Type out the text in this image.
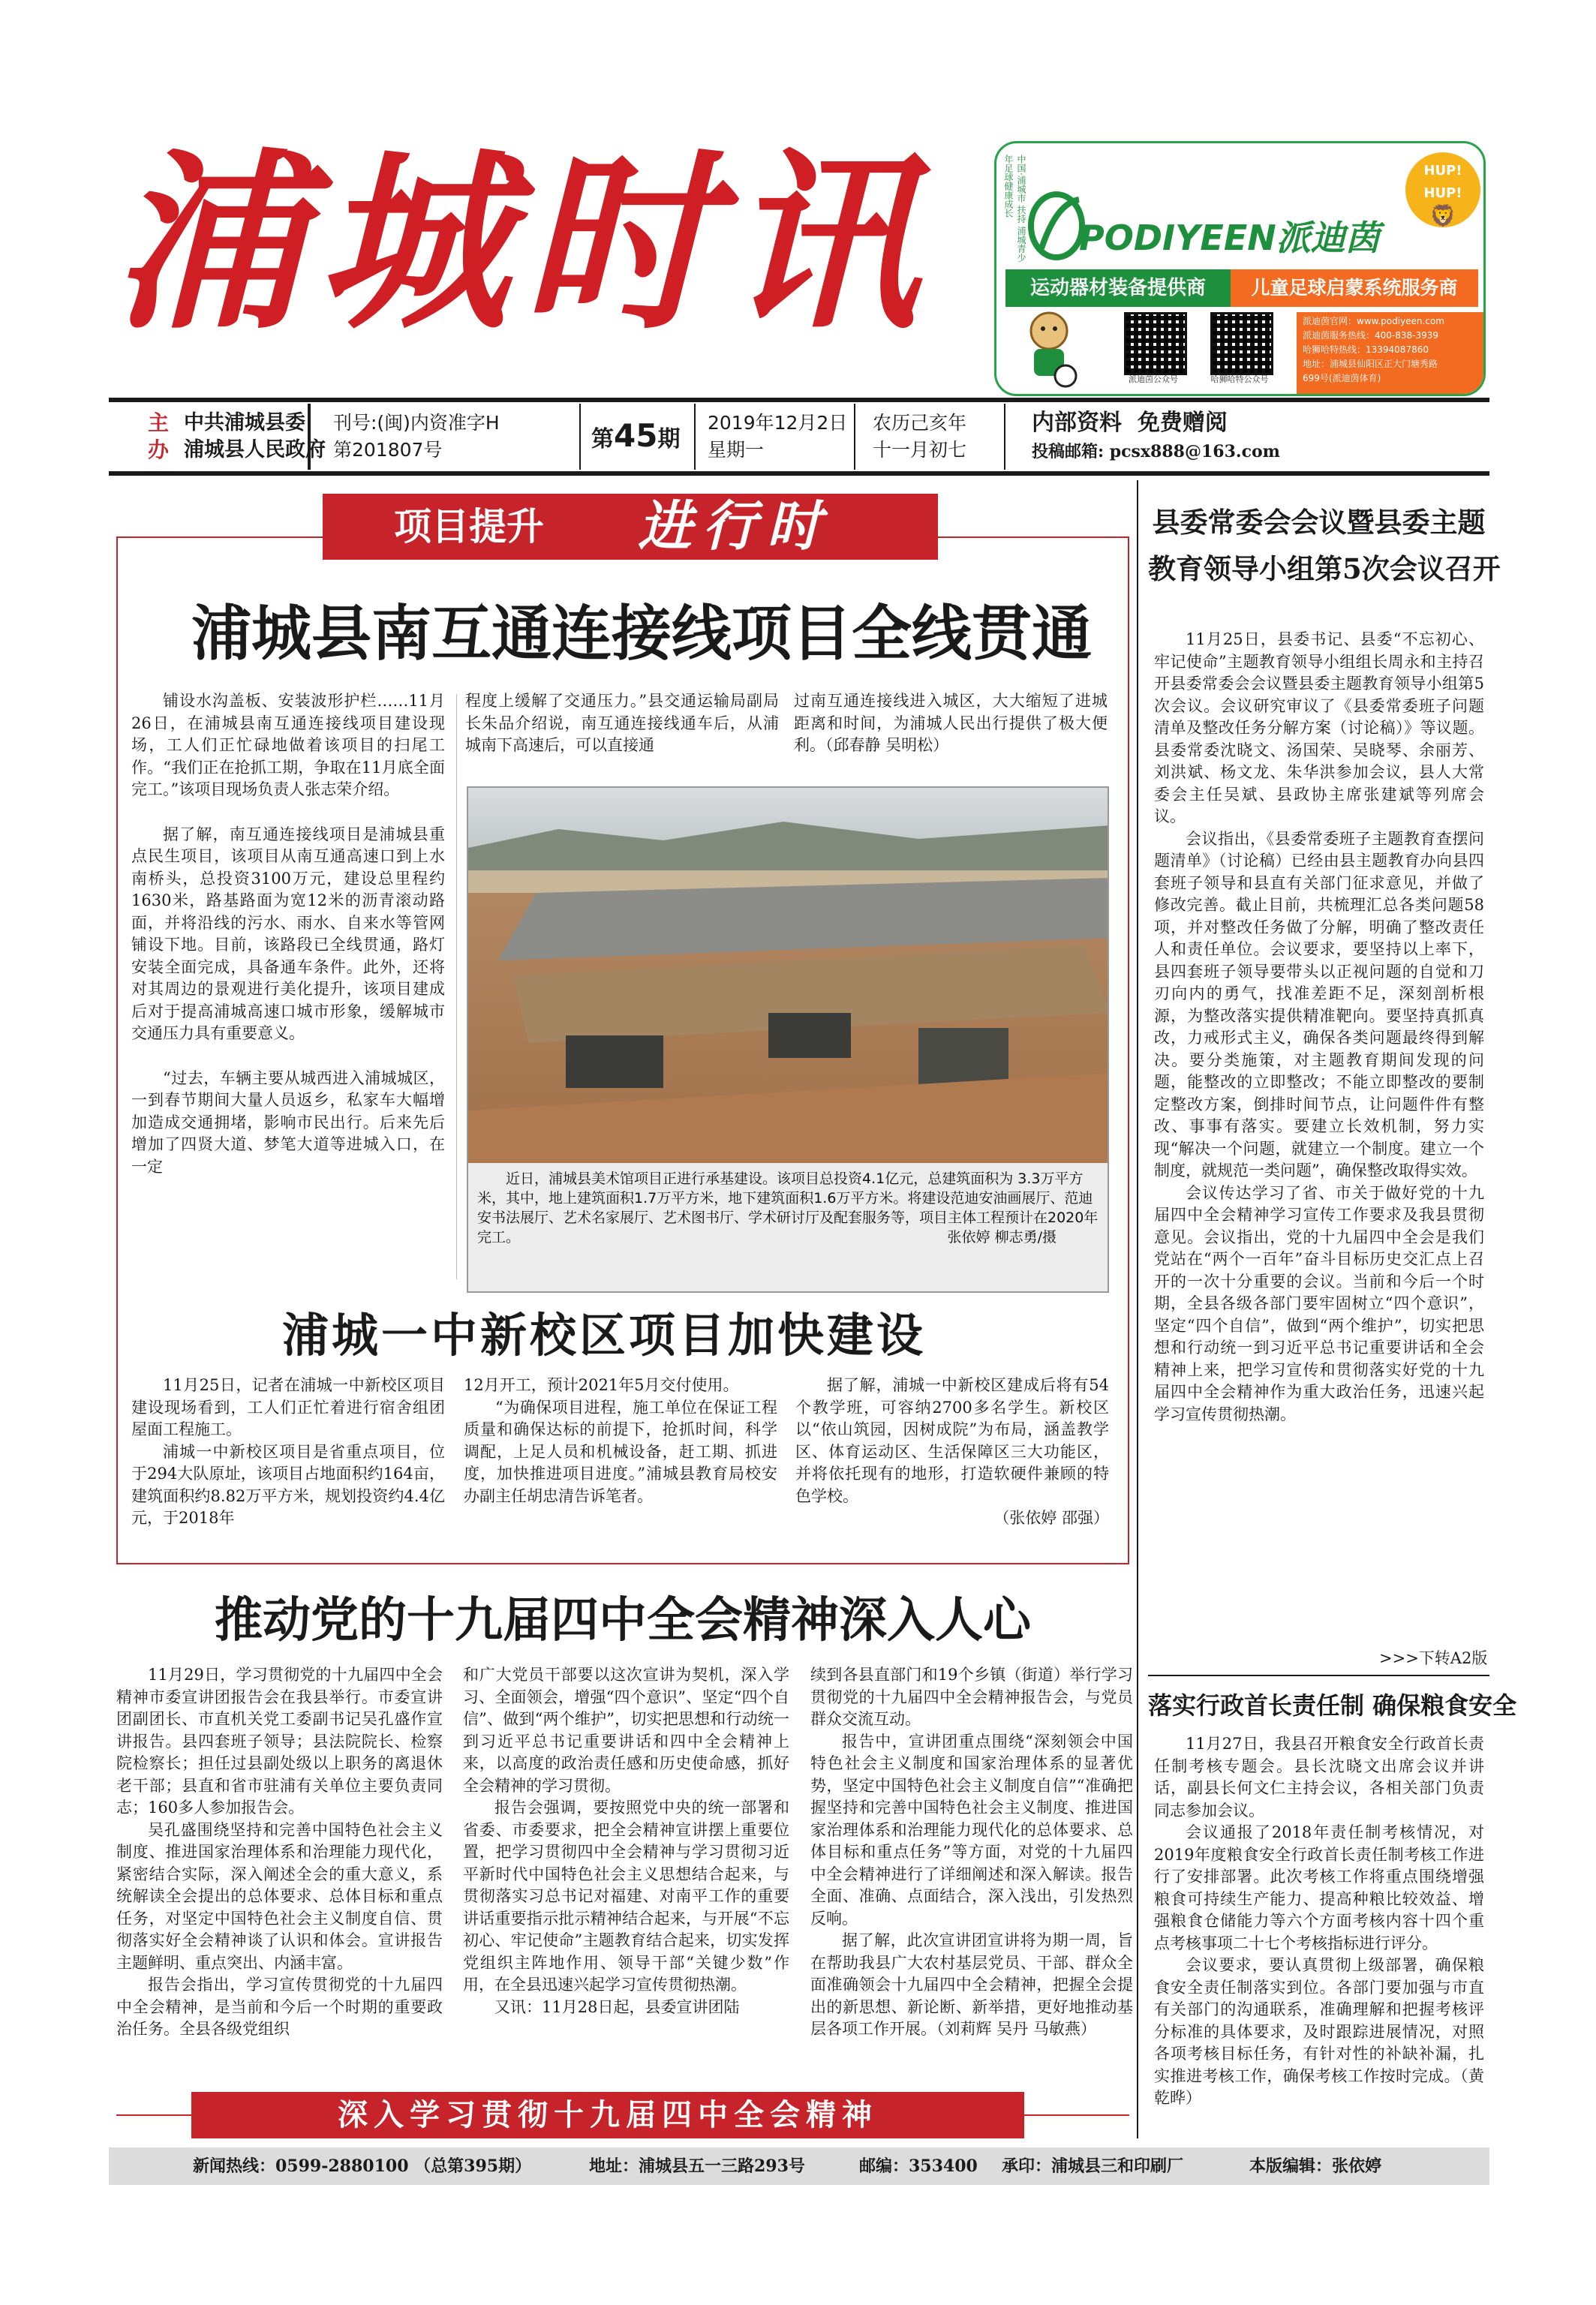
浦城时讯	中国·浦城市 扶持 浦城青少年足球健康成长
PODIYEEN派迪茵
HUP! HUP!
🦁
哈特哈特
运动器材装备提供商	儿童足球启蒙系统服务商
派迪茵公众号	哈狮哈特公众号
派迪茵官网：www.podiyeen.com
派迪茵服务热线：400-838-3939
哈狮哈特热线：13394087860
地址：浦城县仙阳区正大门塘秀路
699号(派迪茵体育)
主
办
中共浦城县委
浦城县人民政府
刊号:(闽)内资准字H
第201807号	第45期
2019年12月2日
星期一
农历己亥年
十一月初七
内部资料 免费赠阅
投稿邮箱: pcsx888@163.com
项目提升 进行时
浦城县南互通连接线项目全线贯通

铺设水沟盖板、安装波形护栏……11月26日，在浦城县南互通连接线项目建设现场，工人们正忙碌地做着该项目的扫尾工作。“我们正在抢抓工期，争取在11月底全面完工。”该项目现场负责人张志荣介绍。

据了解，南互通连接线项目是浦城县重点民生项目，该项目从南互通高速口到上水南桥头，总投资3100万元，建设总里程约1630米，路基路面为宽12米的沥青滚动路面，并将沿线的污水、雨水、自来水等管网铺设下地。目前，该路段已全线贯通，路灯安装全面完成，具备通车条件。此外，还将对其周边的景观进行美化提升，该项目建成后对于提高浦城高速口城市形象，缓解城市交通压力具有重要意义。

“过去，车辆主要从城西进入浦城城区，一到春节期间大量人员返乡，私家车大幅增加造成交通拥堵，影响市民出行。后来先后增加了四贤大道、梦笔大道等进城入口，在一定

程度上缓解了交通压力。”县交通运输局副局长朱品介绍说，南互通连接线通车后，从浦城南下高速后，可以直接通

过南互通连接线进入城区，大大缩短了进城距离和时间，为浦城人民出行提供了极大便利。（邱春静 吴明松）

近日，浦城县美术馆项目正进行承基建设。该项目总投资4.1亿元，总建筑面积为 3.3万平方米，其中，地上建筑面积1.7万平方米，地下建筑面积1.6万平方米。将建设范迪安油画展厅、范迪安书法展厅、艺术名家展厅、艺术图书厅、学术研讨厅及配套服务等，项目主体工程预计在2020年完工。	张依婷 柳志勇/摄
浦城一中新校区项目加快建设

11月25日，记者在浦城一中新校区项目建设现场看到，工人们正忙着进行宿舍组团屋面工程施工。

浦城一中新校区项目是省重点项目，位于294大队原址，该项目占地面积约164亩，建筑面积约8.82万平方米，规划投资约4.4亿元，于2018年

12月开工，预计2021年5月交付使用。

“为确保项目进程，施工单位在保证工程质量和确保达标的前提下，抢抓时间，科学调配，上足人员和机械设备，赶工期、抓进度，加快推进项目进度。”浦城县教育局校安办副主任胡忠清告诉笔者。

据了解，浦城一中新校区建成后将有54个教学班，可容纳2700多名学生。新校区以“依山筑园，因树成院”为布局，涵盖教学区、体育运动区、生活保障区三大功能区，并将依托现有的地形，打造软硬件兼顾的特色学校。

（张依婷 邵强）

推动党的十九届四中全会精神深入人心

11月29日，学习贯彻党的十九届四中全会精神市委宣讲团报告会在我县举行。市委宣讲团副团长、市直机关党工委副书记吴孔盛作宣讲报告。县四套班子领导；县法院院长、检察院检察长；担任过县副处级以上职务的离退休老干部；县直和省市驻浦有关单位主要负责同志；160多人参加报告会。

吴孔盛围绕坚持和完善中国特色社会主义制度、推进国家治理体系和治理能力现代化，紧密结合实际，深入阐述全会的重大意义，系统解读全会提出的总体要求、总体目标和重点任务，对坚定中国特色社会主义制度自信、贯彻落实好全会精神谈了认识和体会。宣讲报告主题鲜明、重点突出、内涵丰富。

报告会指出，学习宣传贯彻党的十九届四中全会精神，是当前和今后一个时期的重要政治任务。全县各级党组织

和广大党员干部要以这次宣讲为契机，深入学习、全面领会，增强“四个意识”、坚定“四个自信”、做到“两个维护”，切实把思想和行动统一到习近平总书记重要讲话和四中全会精神上来，以高度的政治责任感和历史使命感，抓好全会精神的学习贯彻。

报告会强调，要按照党中央的统一部署和省委、市委要求，把全会精神宣讲摆上重要位置，把学习贯彻四中全会精神与学习贯彻习近平新时代中国特色社会主义思想结合起来，与贯彻落实习总书记对福建、对南平工作的重要讲话重要指示批示精神结合起来，与开展“不忘初心、牢记使命”主题教育结合起来，切实发挥党组织主阵地作用、领导干部“关键少数”作用，在全县迅速兴起学习宣传贯彻热潮。

又讯：11月28日起，县委宣讲团陆

续到各县直部门和19个乡镇（街道）举行学习贯彻党的十九届四中全会精神报告会，与党员群众交流互动。

报告中，宣讲团重点围绕“深刻领会中国特色社会主义制度和国家治理体系的显著优势，坚定中国特色社会主义制度自信”“准确把握坚持和完善中国特色社会主义制度、推进国家治理体系和治理能力现代化的总体要求、总体目标和重点任务”等方面，对党的十九届四中全会精神进行了详细阐述和深入解读。报告全面、准确、点面结合，深入浅出，引发热烈反响。

据了解，此次宣讲团宣讲将为期一周，旨在帮助我县广大农村基层党员、干部、群众全面准确领会十九届四中全会精神，把握全会提出的新思想、新论断、新举措，更好地推动基层各项工作开展。（刘莉辉 吴丹 马敏燕）

县委常委会会议暨县委主题
教育领导小组第5次会议召开

11月25日，县委书记、县委“不忘初心、牢记使命”主题教育领导小组组长周永和主持召开县委常委会会议暨县委主题教育领导小组第5次会议。会议研究审议了《县委常委班子问题清单及整改任务分解方案（讨论稿）》等议题。县委常委沈晓文、汤国荣、吴晓琴、余丽芳、刘洪斌、杨文龙、朱华洪参加会议，县人大常委会主任吴斌、县政协主席张建斌等列席会议。

会议指出，《县委常委班子主题教育查摆问题清单》（讨论稿）已经由县主题教育办向县四套班子领导和县直有关部门征求意见，并做了修改完善。截止目前，共梳理汇总各类问题58项，并对整改任务做了分解，明确了整改责任人和责任单位。会议要求，要坚持以上率下，县四套班子领导要带头以正视问题的自觉和刀刃向内的勇气，找准差距不足，深刻剖析根源，为整改落实提供精准靶向。要坚持真抓真改，力戒形式主义，确保各类问题最终得到解决。要分类施策，对主题教育期间发现的问题，能整改的立即整改；不能立即整改的要制定整改方案，倒排时间节点，让问题件件有整改、事事有落实。要建立长效机制，努力实现“解决一个问题，就建立一个制度。建立一个制度，就规范一类问题”，确保整改取得实效。

会议传达学习了省、市关于做好党的十九届四中全会精神学习宣传工作要求及我县贯彻意见。会议指出，党的十九届四中全会是我们党站在“两个一百年”奋斗目标历史交汇点上召开的一次十分重要的会议。当前和今后一个时期，全县各级各部门要牢固树立“四个意识”，坚定“四个自信”，做到“两个维护”，切实把思想和行动统一到习近平总书记重要讲话和全会精神上来，把学习宣传和贯彻落实好党的十九届四中全会精神作为重大政治任务，迅速兴起学习宣传贯彻热潮。

>>>下转A2版
落实行政首长责任制 确保粮食安全

11月27日，我县召开粮食安全行政首长责任制考核专题会。县长沈晓文出席会议并讲话，副县长何文仁主持会议，各相关部门负责同志参加会议。

会议通报了2018年责任制考核情况，对2019年度粮食安全行政首长责任制考核工作进行了安排部署。此次考核工作将重点围绕增强粮食可持续生产能力、提高种粮比较效益、增强粮食仓储能力等六个方面考核内容十四个重点考核事项二十七个考核指标进行评分。

会议要求，要认真贯彻上级部署，确保粮食安全责任制落实到位。各部门要加强与市直有关部门的沟通联系，准确理解和把握考核评分标准的具体要求，及时跟踪进展情况，对照各项考核目标任务，有针对性的补缺补漏，扎实推进考核工作，确保考核工作按时完成。（黄乾晔）

深入学习贯彻十九届四中全会精神
新闻热线：0599-2880100 （总第395期）	地址：浦城县五一三路293号	邮编：353400 承印：浦城县三和印刷厂	本版编辑：张依婷
